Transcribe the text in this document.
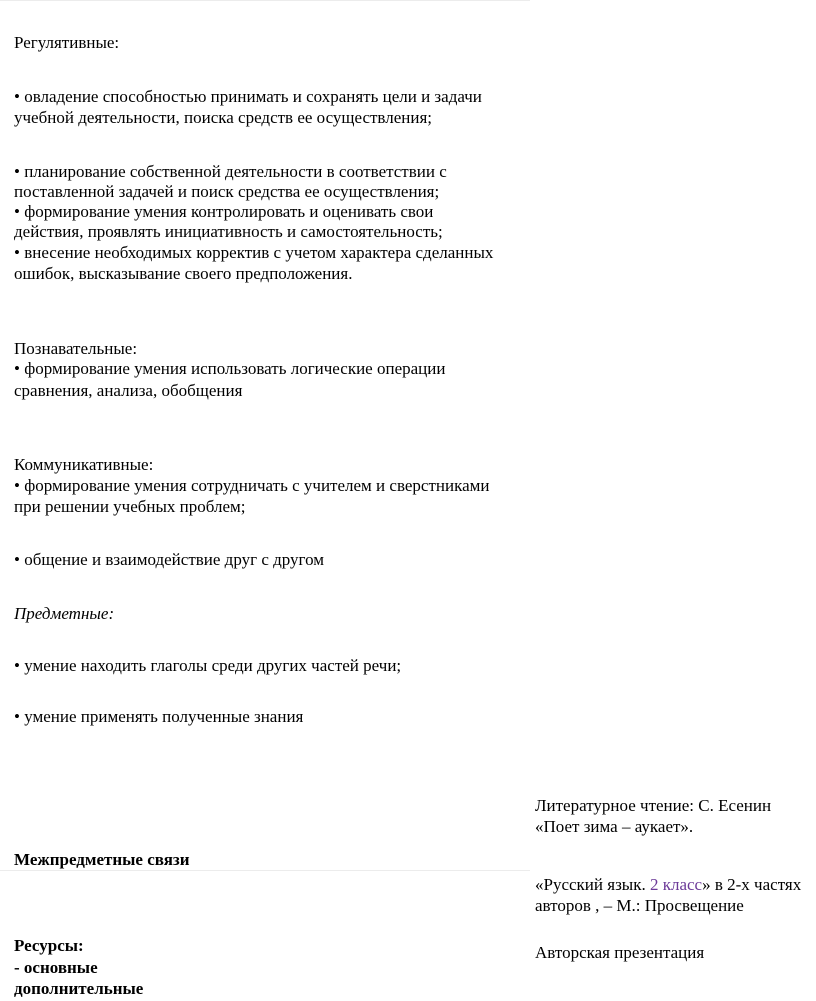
Регулятивные:
• овладение способностью принимать и сохранять цели и задачи
учебной деятельности, поиска средств ее осуществления;
• планирование собственной деятельности в соответствии с
поставленной задачей и поиск средства ее осуществления;
• формирование умения контролировать и оценивать свои
действия, проявлять инициативность и самостоятельность;
• внесение необходимых корректив с учетом характера сделанных
ошибок, высказывание своего предположения.
Познавательные:
• формирование умения использовать логические операции
сравнения, анализа, обобщения
Коммуникативные:
• формирование умения сотрудничать с учителем и сверстниками
при решении учебных проблем;
• общение и взаимодействие друг с другом
Предметные:
• умение находить глаголы среди других частей речи;
• умение применять полученные знания
Литературное чтение: С. Есенин
«Поет зима – аукает».
Межпредметные связи
«Русский язык. 2 класс» в 2-х частях
авторов , – М.: Просвещение
Ресурсы:	Авторская презентация
- основные
дополнительные
